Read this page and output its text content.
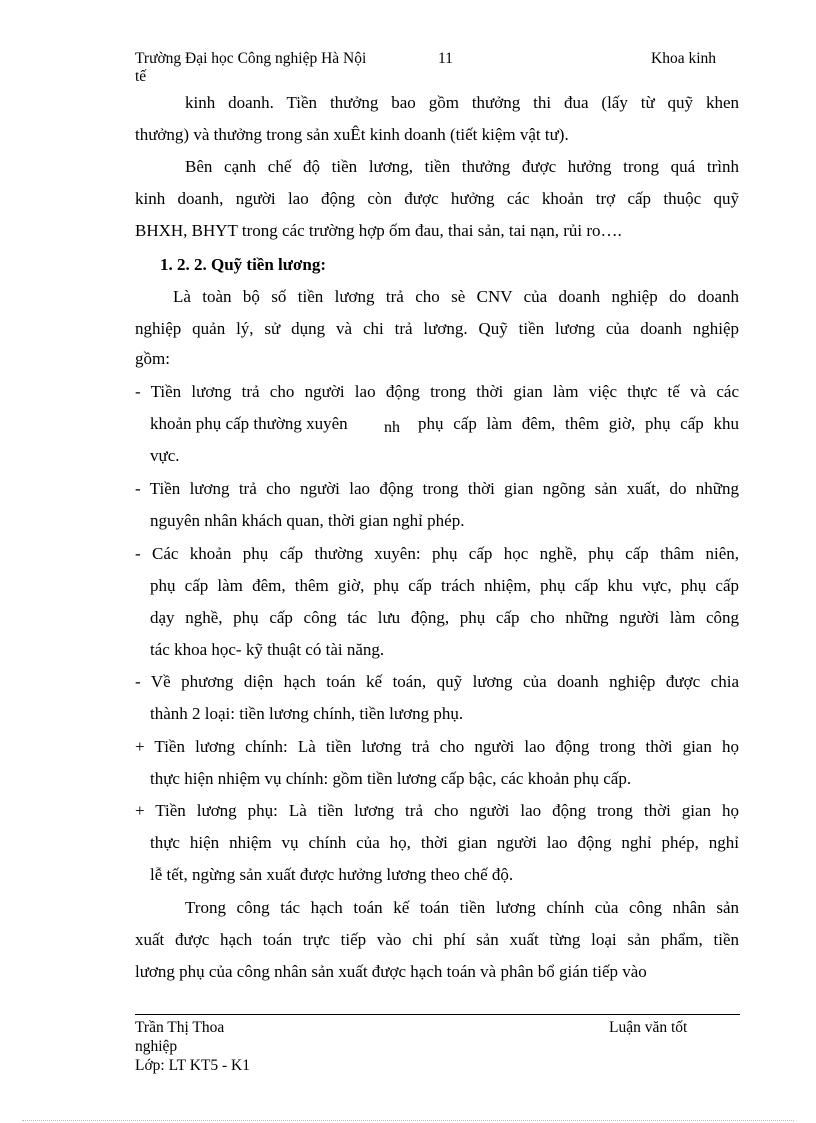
Trường Đại học Công nghiệp Hà Nội
tế
11	Khoa kinh
kinh doanh. Tiền thưởng bao gồm thưởng thi đua (lấy từ quỹ khen
thưởng) và thưởng trong sản xuÊt kinh doanh (tiết kiệm vật tư).
Bên cạnh chế độ tiền lương, tiền thưởng được hưởng trong quá trình
kinh doanh, người lao động còn được hưởng các khoản trợ cấp thuộc quỹ
BHXH, BHYT trong các trường hợp ốm đau, thai sản, tai nạn, rủi ro….
1. 2. 2. Quỹ tiền lương:
Là toàn bộ số tiền lương trả cho sè CNV của doanh nghiệp do doanh
nghiệp quản lý, sử dụng và chi trả lương. Quỹ tiền lương của doanh nghiệp
gồm:
- Tiền lương trả cho người lao động trong thời gian làm việc thực tế và các
khoản phụ cấp thường xuyên nh phụ cấp làm đêm, thêm giờ, phụ cấp khu
vực.
- Tiền lương trả cho người lao động trong thời gian ngõng sản xuất, do những
nguyên nhân khách quan, thời gian nghỉ phép.
- Các khoản phụ cấp thường xuyên: phụ cấp học nghề, phụ cấp thâm niên,
phụ cấp làm đêm, thêm giờ, phụ cấp trách nhiệm, phụ cấp khu vực, phụ cấp
dạy nghề, phụ cấp công tác lưu động, phụ cấp cho những người làm công
tác khoa học- kỹ thuật có tài năng.
- Về phương diện hạch toán kế toán, quỹ lương của doanh nghiệp được chia
thành 2 loại: tiền lương chính, tiền lương phụ.
+ Tiền lương chính: Là tiền lương trả cho người lao động trong thời gian họ
thực hiện nhiệm vụ chính: gồm tiền lương cấp bậc, các khoản phụ cấp.
+ Tiền lương phụ: Là tiền lương trả cho người lao động trong thời gian họ
thực hiện nhiệm vụ chính của họ, thời gian người lao động nghỉ phép, nghỉ
lễ tết, ngừng sản xuất được hưởng lương theo chế độ.
Trong công tác hạch toán kế toán tiền lương chính của công nhân sản
xuất được hạch toán trực tiếp vào chi phí sản xuất từng loại sản phẩm, tiền
lương phụ của công nhân sản xuất được hạch toán và phân bổ gián tiếp vào
Trần Thị Thoa	Luận văn tốt
nghiệp
Lớp: LT KT5 - K1
